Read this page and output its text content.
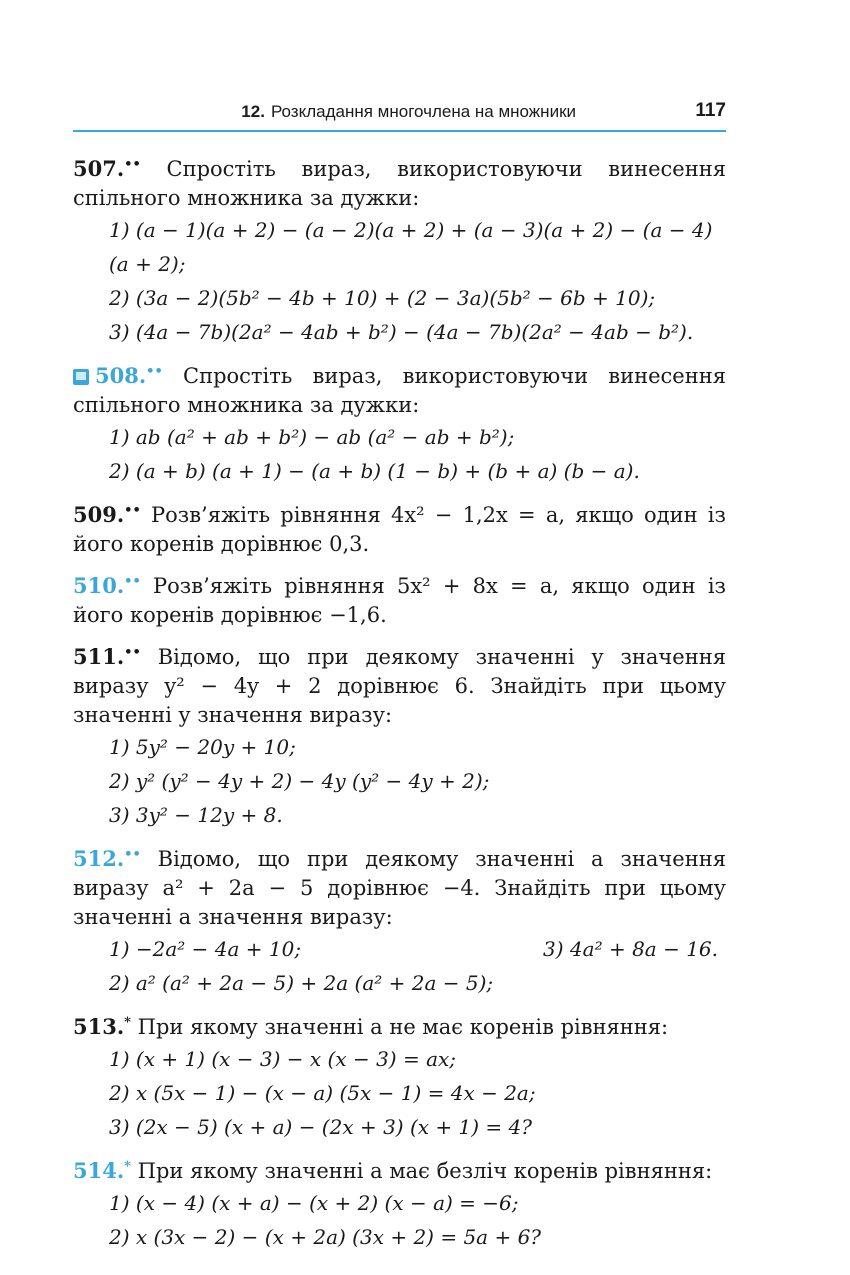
12. Розкладання многочлена на множники	117

507.•• Спростіть вираз, використовуючи винесення спільного множника за дужки:

1) (a − 1)(a + 2) − (a − 2)(a + 2) + (a − 3)(a + 2) − (a − 4)(a + 2);
2) (3a − 2)(5b² − 4b + 10) + (2 − 3a)(5b² − 6b + 10);
3) (4a − 7b)(2a² − 4ab + b²) − (4a − 7b)(2a² − 4ab − b²).

508.•• Спростіть вираз, використовуючи винесення спільного множника за дужки:

1) ab (a² + ab + b²) − ab (a² − ab + b²);
2) (a + b) (a + 1) − (a + b) (1 − b) + (b + a) (b − a).

509.•• Розв’яжіть рівняння 4x² − 1,2x = a, якщо один із його коренів дорівнює 0,3.

510.•• Розв’яжіть рівняння 5x² + 8x = a, якщо один із його коренів дорівнює −1,6.

511.•• Відомо, що при деякому значенні y значення виразу y² − 4y + 2 дорівнює 6. Знайдіть при цьому значенні y значення виразу:

1) 5y² − 20y + 10;
2) y² (y² − 4y + 2) − 4y (y² − 4y + 2);
3) 3y² − 12y + 8.

512.•• Відомо, що при деякому значенні a значення виразу a² + 2a − 5 дорівнює −4. Знайдіть при цьому значенні a значення виразу:

1) −2a² − 4a + 10;	3) 4a² + 8a − 16.
2) a² (a² + 2a − 5) + 2a (a² + 2a − 5);

513.* При якому значенні a не має коренів рівняння:

1) (x + 1) (x − 3) − x (x − 3) = ax;
2) x (5x − 1) − (x − a) (5x − 1) = 4x − 2a;
3) (2x − 5) (x + a) − (2x + 3) (x + 1) = 4?

514.* При якому значенні a має безліч коренів рівняння:

1) (x − 4) (x + a) − (x + 2) (x − a) = −6;
2) x (3x − 2) − (x + 2a) (3x + 2) = 5a + 6?
